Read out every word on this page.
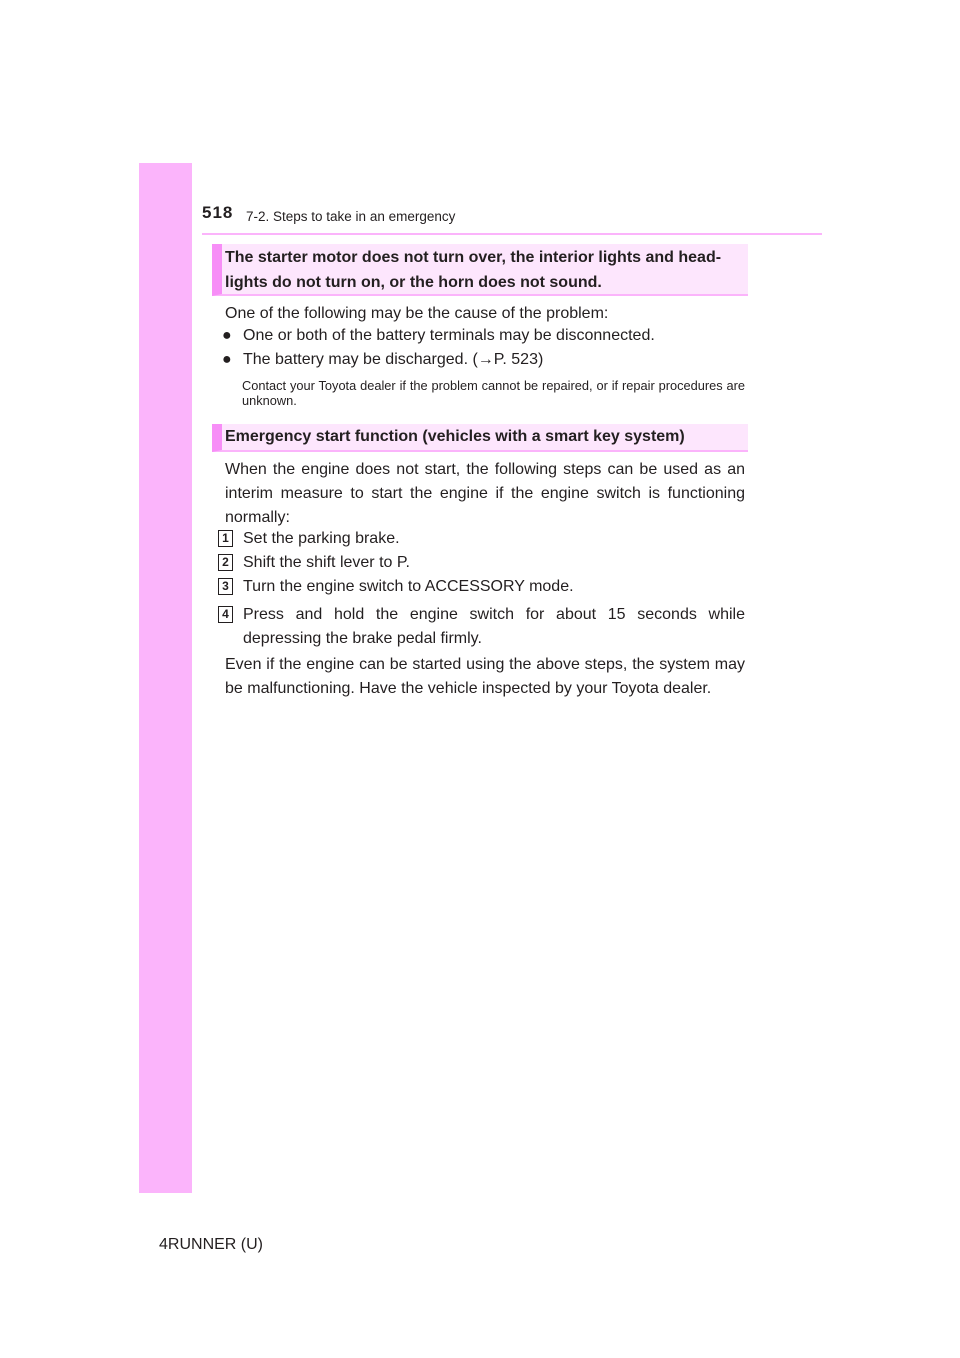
518 7-2. Steps to take in an emergency
The starter motor does not turn over, the interior lights and head-
lights do not turn on, or the horn does not sound.
One of the following may be the cause of the problem:
● One or both of the battery terminals may be disconnected.
● The battery may be discharged. (→P. 523)
Contact your Toyota dealer if the problem cannot be repaired, or if repair procedures are unknown.
Emergency start function (vehicles with a smart key system)
When the engine does not start, the following steps can be used as an interim measure to start the engine if the engine switch is functioning normally:
1 Set the parking brake.
2 Shift the shift lever to P.
3 Turn the engine switch to ACCESSORY mode.
4 Press and hold the engine switch for about 15 seconds while depressing the brake pedal firmly.
Even if the engine can be started using the above steps, the system may be malfunctioning. Have the vehicle inspected by your Toyota dealer.
4RUNNER (U)
